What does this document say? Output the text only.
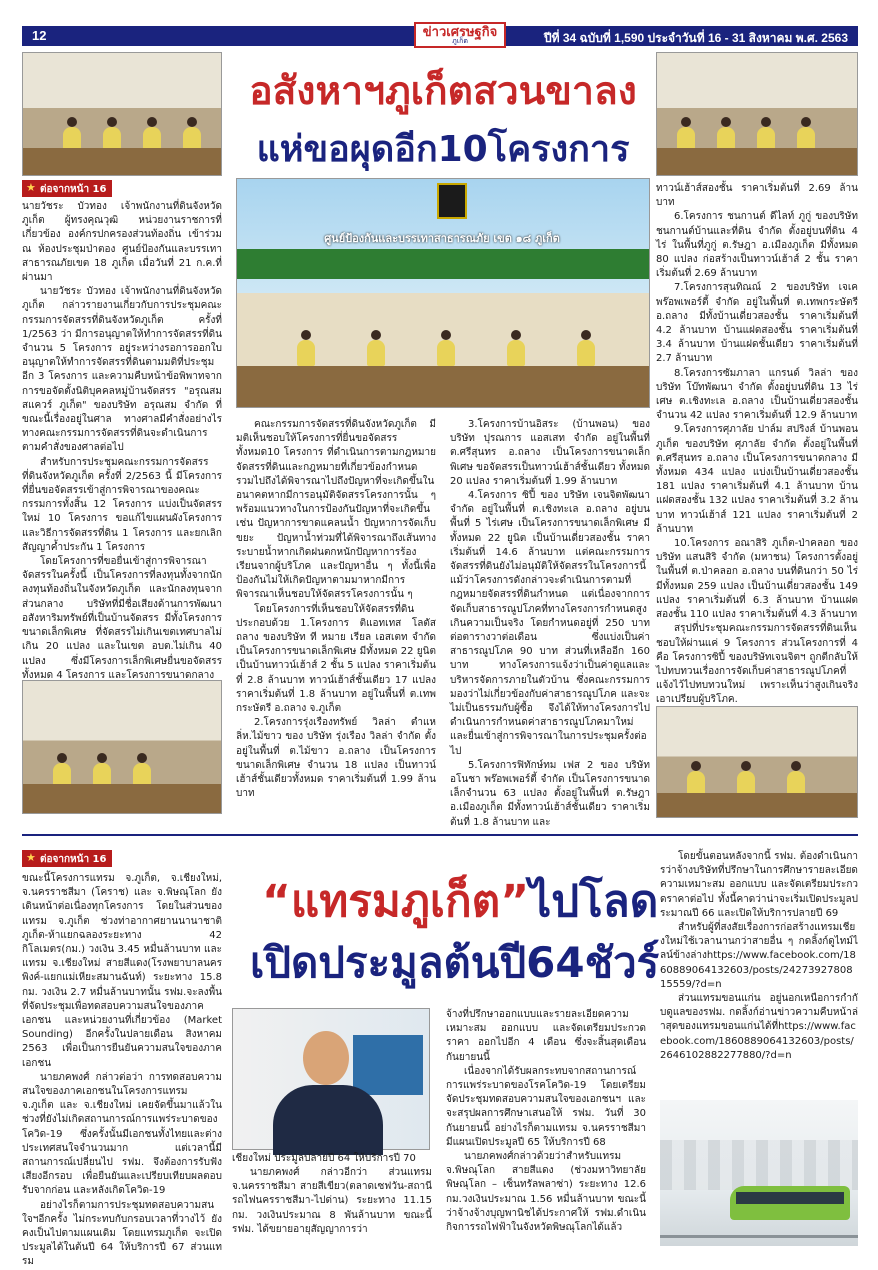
12	ข่าวเศรษฐกิจ
ภูเก็ต	ปีที่ 34 ฉบับที่ 1,590 ประจำวันที่ 16 - 31 สิงหาคม พ.ศ. 2563
อสังหาฯภูเก็ตสวนขาลง
แห่ขอผุดอีก10โครงการ
★ ต่อจากหน้า 16
ศูนย์ป้องกันและบรรเทาสาธารณภัย เขต ๑๘ ภูเก็ต

นายวัชระ บัวทอง เจ้าพนักงานที่ดินจังหวัดภูเก็ต ผู้ทรงคุณวุฒิ หน่วยงานราชการที่เกี่ยวข้อง องค์กรปกครองส่วนท้องถิ่น เข้าร่วม ณ ห้องประชุมป่าตอง ศูนย์ป้องกันและบรรเทาสาธารณภัยเขต 18 ภูเก็ต เมื่อวันที่ 21 ก.ค.ที่ผ่านมา

นายวัชระ บัวทอง เจ้าพนักงานที่ดินจังหวัดภูเก็ต กล่าวรายงานเกี่ยวกับการประชุมคณะกรรมการจัดสรรที่ดินจังหวัดภูเก็ต ครั้งที่ 1/2563 ว่า มีการอนุญาตให้ทำการจัดสรรที่ดิน จำนวน 5 โครงการ อยู่ระหว่างรอการออกใบอนุญาตให้ทำการจัดสรรที่ดินตามมติที่ประชุมอีก 3 โครงการ และความคืบหน้าข้อพิพาทจากการขอจัดตั้งนิติบุคคลหมู่บ้านจัดสรร "อรุณสมสแควร์ ภูเก็ต" ของบริษัท อรุณสม จำกัด ที่ขณะนี้เรื่องอยู่ในศาล ทางศาลมีคำสั่งอย่างไรทางคณะกรรมการจัดสรรที่ดินจะดำเนินการตามคำสั่งของศาลต่อไป

สำหรับการประชุมคณะกรรมการจัดสรรที่ดินจังหวัดภูเก็ต ครั้งที่ 2/2563 นี้ มีโครงการที่ยื่นขอจัดสรรเข้าสู่การพิจารณาของคณะกรรมการทั้งสิ้น 12 โครงการ แบ่งเป็นจัดสรรใหม่ 10 โครงการ ขอแก้ไขแผนผังโครงการและวิธีการจัดสรรที่ดิน 1 โครงการ และยกเลิกสัญญาค้ำประกัน 1 โครงการ

โดยโครงการที่ขอยื่นเข้าสู่การพิจารณาจัดสรรในครั้งนี้ เป็นโครงการที่ลงทุนทั้งจากนักลงทุนท้องถิ่นในจังหวัดภูเก็ต และนักลงทุนจากส่วนกลาง บริษัทที่มีชื่อเสียงด้านการพัฒนาอสังหาริมทรัพย์ที่เป็นบ้านจัดสรร มีทั้งโครงการขนาดเล็กพิเศษ ที่จัดสรรไม่เกินเขตเทศบาลไม่เกิน 20 แปลง และในเขต อบต.ไม่เกิน 40 แปลง ซึ่งมีโครงการเล็กพิเศษยื่นขอจัดสรรทั้งหมด 4 โครงการ และโครงการขนาดกลาง

คณะกรรมการจัดสรรที่ดินจังหวัดภูเก็ต มีมติเห็นชอบให้โครงการที่ยื่นขอจัดสรรทั้งหมด10 โครงการ ที่ดำเนินการตามกฎหมายจัดสรรที่ดินและกฎหมายที่เกี่ยวข้องกำหนด รวมไปถึงได้พิจารณาไปถึงปัญหาที่จะเกิดขึ้นในอนาคตหากมีการอนุมัติจัดสรรโครงการนั้น ๆ พร้อมแนวทางในการป้องกันปัญหาที่จะเกิดขึ้น เช่น ปัญหาการขาดแคลนน้ำ ปัญหาการจัดเก็บขยะ ปัญหาน้ำท่วมที่ได้พิจารณาถึงเส้นทางระบายน้ำหากเกิดฝนตกหนักปัญหาการร้องเรียนจากผู้บริโภค และปัญหาอื่น ๆ ทั้งนี้เพื่อป้องกันไม่ให้เกิดปัญหาตามมาหากมีการพิจารณาเห็นชอบให้จัดสรรโครงการนั้น ๆ

โดยโครงการที่เห็นชอบให้จัดสรรที่ดิน ประกอบด้วย 1.โครงการ ติแอทเทส โลตัส ถลาง ของบริษัท ที หมาย เรียล เอสเตท จำกัด เป็นโครงการขนาดเล็กพิเศษ มีทั้งหมด 22 ยูนิต เป็นบ้านทาวน์เฮ้าส์ 2 ชั้น 5 แปลง ราคาเริ่มต้นที่ 2.8 ล้านบาท ทาวน์เฮ้าส์ชั้นเดียว 17 แปลง ราคาเริ่มต้นที่ 1.8 ล้านบาท อยู่ในพื้นที่ ต.เทพกระษัตรี อ.ถลาง จ.ภูเก็ต

2.โครงการรุ่งเรืองทรัพย์ วิลล่า ตำแหลิ่ห.ไม้ขาว ของ บริษัท รุ่งเรือง วิลล่า จำกัด ตั้งอยู่ในพื้นที่ ต.ไม้ขาว อ.ถลาง เป็นโครงการขนาดเล็กพิเศษ จำนวน 18 แปลง เป็นทาวน์เฮ้าส์ชั้นเดียวทั้งหมด ราคาเริ่มต้นที่ 1.99 ล้านบาท

3.โครงการบ้านอิสระ (บ้านพอน) ของ บริษัท ปุรณการ แอสเสท จำกัด อยู่ในพื้นที่ ต.ศรีสุนทร อ.ถลาง เป็นโครงการขนาดเล็กพิเศษ ขอจัดสรรเป็นทาวน์เฮ้าส์ชั้นเดียว ทั้งหมด 20 แปลง ราคาเริ่มต้นที่ 1.99 ล้านบาท

4.โครงการ ซิปี้ ของ บริษัท เจนจิตพัฒนา จำกัด อยู่ในพื้นที่ ต.เชิงทะเล อ.ถลาง อยู่บนพื้นที่ 5 ไร่เศษ เป็นโครงการขนาดเล็กพิเศษ มีทั้งหมด 22 ยูนิต เป็นบ้านเดี่ยวสองชั้น ราคาเริ่มต้นที่ 14.6 ล้านบาท แต่คณะกรรมการจัดสรรที่ดินยังไม่อนุมัติให้จัดสรรในโครงการนี้ แม้ว่าโครงการดังกล่าวจะดำเนินการตามที่กฎหมายจัดสรรที่ดินกำหนด แต่เนื่องจากการจัดเก็บสาธารณูปโภคที่ทางโครงการกำหนดสูงเกินความเป็นจริง โดยกำหนดอยู่ที่ 250 บาทต่อตารางวาต่อเดือน ซึ่งแบ่งเป็นค่าสาธารณูปโภค 90 บาท ส่วนที่เหลืออีก 160 บาท ทางโครงการแจ้งว่าเป็นค่าดูแลและบริหารจัดการภายในตัวบ้าน ซึ่งคณะกรรมการมองว่าไม่เกี่ยวข้องกับค่าสาธารณูปโภค และจะไม่เป็นธรรมกับผู้ซื้อ จึงได้ให้ทางโครงการไปดำเนินการกำหนดค่าสาธารณูปโภคมาใหม่ และยื่นเข้าสู่การพิจารณาในการประชุมครั้งต่อไป

5.โครงการฟิทักษ์ทม เฟส 2 ของ บริษัท อโนชา พร๊อพเพอร์ตี้ จำกัด เป็นโครงการขนาดเล็กจำนวน 63 แปลง ตั้งอยู่ในพื้นที่ ต.รัษฎา อ.เมืองภูเก็ต มีทั้งทาวน์เฮ้าส์ชั้นเดียว ราคาเริ่มต้นที่ 1.8 ล้านบาท และ

ทาวน์เฮ้าส์สองชั้น ราคาเริ่มต้นที่ 2.69 ล้านบาท

6.โครงการ ชนกานต์ ดีไลท์ ภูกู่ ของบริษัท ชนกานต์บ้านและที่ดิน จำกัด ตั้งอยู่บนที่ดิน 4 ไร่ ในพื้นที่ภูกู่ ต.รัษฎา อ.เมืองภูเก็ต มีทั้งหมด 80 แปลง ก่อสร้างเป็นทาวน์เฮ้าส์ 2 ชั้น ราคาเริ่มต้นที่ 2.69 ล้านบาท

7.โครงการสุนทิณณ์ 2 ของบริษัท เจเค พร๊อพเพอร์ตี้ จำกัด อยู่ในพื้นที่ ต.เทพกระษัตรี อ.ถลาง มีทั้งบ้านเดี่ยวสองชั้น ราคาเริ่มต้นที่ 4.2 ล้านบาท บ้านแฝดสองชั้น ราคาเริ่มต้นที่ 3.4 ล้านบาท บ้านแฝดชั้นเดียว ราคาเริ่มต้นที่ 2.7 ล้านบาท

8.โครงการซัมภาลา แกรนด์ วิลล่า ของ บริษัท โบ๊ทพัฒนา จำกัด ตั้งอยู่บนที่ดิน 13 ไร่เศษ ต.เชิงทะเล อ.ถลาง เป็นบ้านเดี่ยวสองชั้น จำนวน 42 แปลง ราคาเริ่มต้นที่ 12.9 ล้านบาท

9.โครงการศุภาลัย ปาล์ม สปริงส์ บ้านพอน ภูเก็ต ของบริษัท ศุภาลัย จำกัด ตั้งอยู่ในพื้นที่ ต.ศรีสุนทร อ.ถลาง เป็นโครงการขนาดกลาง มีทั้งหมด 434 แปลง แบ่งเป็นบ้านเดี่ยวสองชั้น 181 แปลง ราคาเริ่มต้นที่ 4.1 ล้านบาท บ้านแฝดสองชั้น 132 แปลง ราคาเริ่มต้นที่ 3.2 ล้านบาท ทาวน์เฮ้าส์ 121 แปลง ราคาเริ่มต้นที่ 2 ล้านบาท

10.โครงการ อณาสิริ ภูเก็ต-ป่าคลอก ของบริษัท แสนสิริ จำกัด (มหาชน) โครงการตั้งอยู่ในพื้นที่ ต.ป่าคลอก อ.ถลาง บนที่ดินกว่า 50 ไร่ มีทั้งหมด 259 แปลง เป็นบ้านเดี่ยวสองชั้น 149 แปลง ราคาเริ่มต้นที่ 6.3 ล้านบาท บ้านแฝดสองชั้น 110 แปลง ราคาเริ่มต้นที่ 4.3 ล้านบาท

สรุปที่ประชุมคณะกรรมการจัดสรรที่ดินเห็นชอบให้ผ่านแค่ 9 โครงการ ส่วนโครงการที่ 4 คือ โครงการซิปี้ ของบริษัทเจนจิตฯ ถูกตีกลับให้ไปทบทวนเรื่องการจัดเก็บค่าสาธารณูปโภคที่แจ้งไว้ไปทบทวนใหม่ เพราะเห็นว่าสูงเกินจริง เอาเปรียบผู้บริโภค.

★ ต่อจากหน้า 16
“แทรมภูเก็ต”ไปโลด
เปิดประมูลต้นปี64ชัวร์

ขณะนี้โครงการแทรม จ.ภูเก็ต, จ.เชียงใหม่, จ.นครราชสีมา (โคราช) และ จ.พิษณุโลก ยังเดินหน้าต่อเนื่องทุกโครงการ โดยในส่วนของแทรม จ.ภูเก็ต ช่วงท่าอากาศยานนานาชาติภูเก็ต-ห้าแยกฉลองระยะทาง 42 กิโลเมตร(กม.) วงเงิน 3.45 หมื่นล้านบาท และแทรม จ.เชียงใหม่ สายสีแดง(โรงพยาบาลนครพิงค์-แยกแม่เหียะสมานฉันท์) ระยะทาง 15.8 กม. วงเงิน 2.7 หมื่นล้านบาทนั้น รฟม.จะลงพื้นที่จัดประชุมเพื่อทดสอบความสนใจของภาคเอกชน และหน่วยงานที่เกี่ยวข้อง (Market Sounding) อีกครั้งในปลายเดือน สิงหาคม 2563 เพื่อเป็นการยืนยันความสนใจของภาคเอกชน

นายภคพงศ์ กล่าวต่อว่า การทดสอบความสนใจของภาคเอกชนในโครงการแทรม จ.ภูเก็ต และ จ.เชียงใหม่ เคยจัดขึ้นมาแล้วในช่วงที่ยังไม่เกิดสถานการณ์การแพร่ระบาดของโควิด-19 ซึ่งครั้งนั้นมีเอกชนทั้งไทยและต่างประเทศสนใจจำนวนมาก แต่เวลานี้มีสถานการณ์เปลี่ยนไป รฟม. จึงต้องการรับฟังเสียงอีกรอบ เพื่อยืนยันและเปรียบเทียบผลตอบรับจากก่อน และหลังเกิดโควิด-19

อย่างไรก็ตามการประชุมทดสอบความสนใจฯอีกครั้ง ไม่กระทบกับกรอบเวลาที่วางไว้ ยังคงเป็นไปตามแผนเดิม โดยแทรมภูเก็ต จะเปิดประมูลได้ในต้นปี 64 ให้บริการปี 67 ส่วนแทรม

เชียงใหม่ ประมูลปลายปี 64 ให้บริการปี 70

นายภคพงศ์ กล่าวอีกว่า ส่วนแทรม จ.นครราชสีมา สายสีเขียว(ตลาดเซฟวัน-สถานีรถไฟนครราชสีมา-ไปด่าน) ระยะทาง 11.15 กม. วงเงินประมาณ 8 พันล้านบาท ขณะนี้ รฟม. ได้ขยายอายุสัญญาการว่า

จ้างที่ปรึกษาออกแบบและรายละเอียดความเหมาะสม ออกแบบ และจัดเตรียมประกวดราคา ออกไปอีก 4 เดือน ซึ่งจะสิ้นสุดเดือน กันยายนนี้

เนื่องจากได้รับผลกระทบจากสถานการณ์การแพร่ระบาดของโรคโควิด-19 โดยเตรียมจัดประชุมทดสอบความสนใจของเอกชนฯ และจะสรุปผลการศึกษาเสนอให้ รฟม. วันที่ 30 กันยายนนี้ อย่างไรก็ตามแทรม จ.นครราชสีมา มีแผนเปิดประมูลปี 65 ให้บริการปี 68

นายภคพงศ์กล่าวด้วยว่าสำหรับแทรม จ.พิษณุโลก สายสีแดง (ช่วงมหาวิทยาลัยพิษณุโลก – เซ็นทรัลพลาซ่า) ระยะทาง 12.6 กม.วงเงินประมาณ 1.56 หมื่นล้านบาท ขณะนี้ว่าจ้างจ้างบุญพานิชได้ประกาศให้ รฟม.ดำเนินกิจการรถไฟฟ้าในจังหวัดพิษณุโลกได้แล้ว

โดยขั้นตอนหลังจากนี้ รฟม. ต้องดำเนินการว่าจ้างบริษัทที่ปรึกษาในการศึกษารายละเอียดความเหมาะสม ออกแบบ และจัดเตรียมประกวดราคาต่อไป ทั้งนี้คาดว่าน่าจะเริ่มเปิดประมูลประมาณปี 66 และเปิดให้บริการปลายปี 69

สำหรับผู้ที่สงสัยเรื่องการก่อสร้างแทรมเชียงใหม่ใช้เวลานานกว่าสายอื่น ๆ กดลิ้งก์ดูไทม์ไลน์ข้างล่างhttps://www.facebook.com/1860889064132603/posts/2427392780815559/?d=n

ส่วนแทรมขอนแก่น อยู่นอกเหนือการกำกับดูแลของรฟม. กดลิ้งก์อ่านข่าวความคืบหน้าล่าสุดของแทรมขอนแก่นได้ที่https://www.facebook.com/1860889064132603/posts/2646102882277880/?d=n
